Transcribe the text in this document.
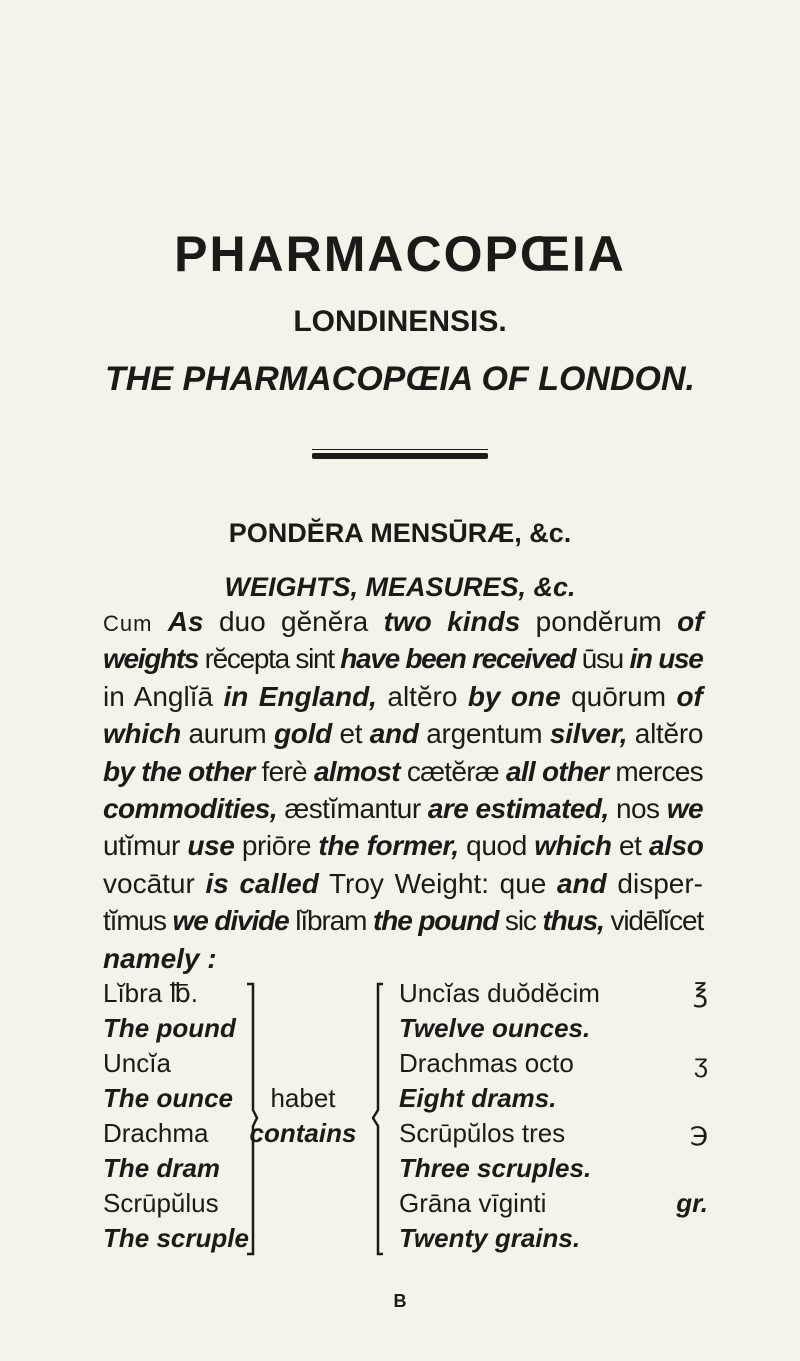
PHARMACOPŒIA
LONDINENSIS.
THE PHARMACOPŒIA OF LONDON.
PONDĔRA MENSŪRÆ, &c.
WEIGHTS, MEASURES, &c.
Cum As duo gĕnĕra two kinds pondĕrum of
weights rĕcepta sint have been received ūsu in use
in Anglĭā in England, altĕro by one quōrum of
which aurum gold et and argentum silver, altĕro
by the other ferè almost cætĕræ all other merces
commodities, æstĭmantur are estimated, nos we
utĭmur use priōre the former, quod which et also
vocātur is called Troy Weight: que and disper-
tĭmus we divide lĭbram the pound sic thus, vidēlĭcet
namely :
Lĭbra ℔.
The pound
Uncĭa
The ounce
Drachma
The dram
Scrūpŭlus
The scruple
habet
contains
Uncĭas duŏdĕcim
Twelve ounces.
Drachmas octo
Eight drams.
Scrūpŭlos tres
Three scruples.
Grāna vīginti
Twenty grains.
℥
ʒ
℈
gr.
B
